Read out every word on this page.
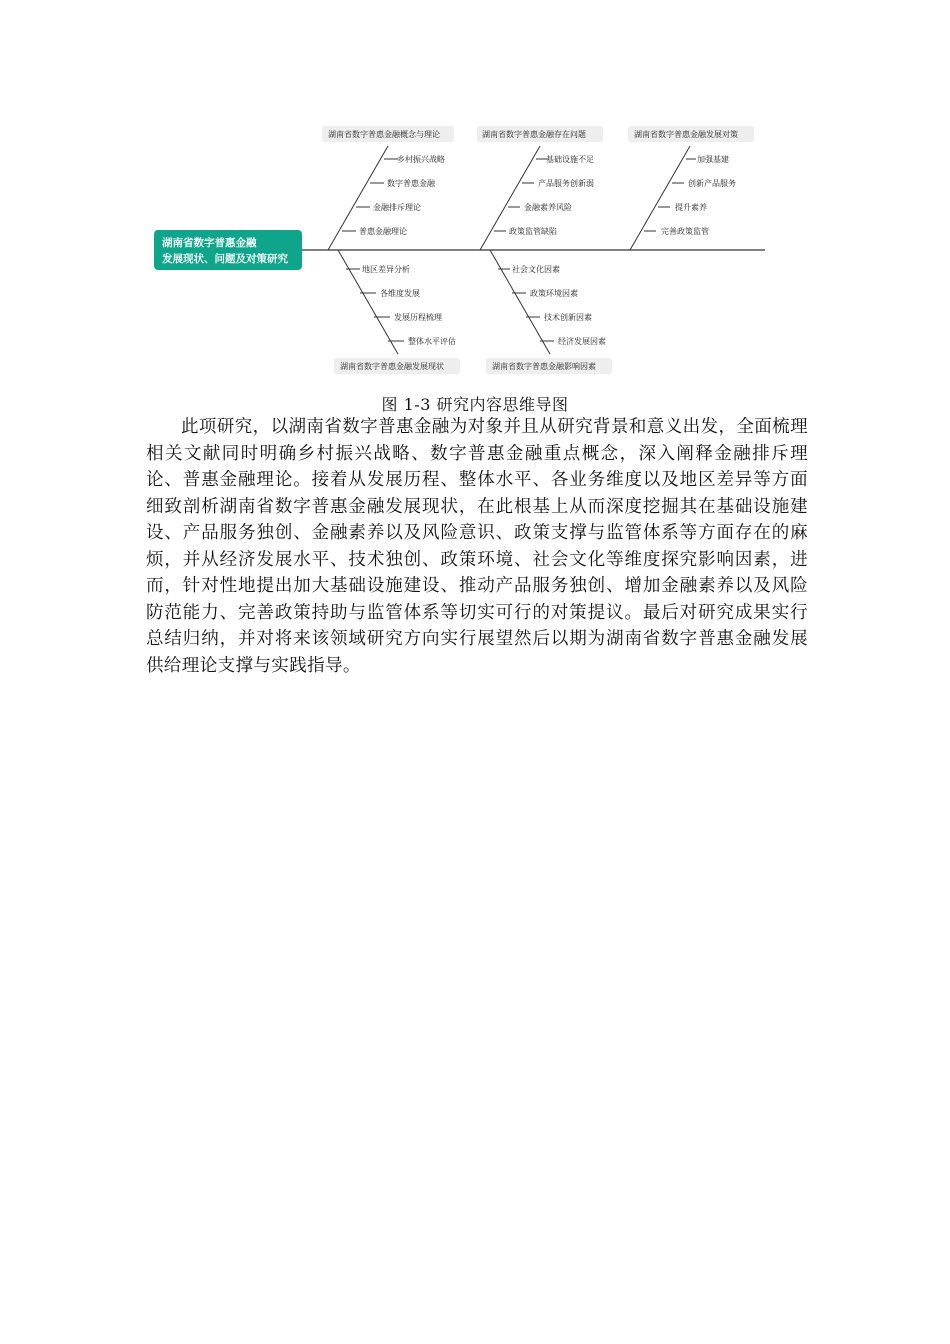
湖南省数字普惠金融
发展现状、问题及对策研究
湖南省数字普惠金融概念与理论
乡村振兴战略
数字普惠金融
金融排斥理论
普惠金融理论
湖南省数字普惠金融存在问题
基础设施不足
产品服务创新弱
金融素养风险
政策监管缺陷
湖南省数字普惠金融发展对策
加强基建
创新产品服务
提升素养
完善政策监管
地区差异分析
各维度发展
发展历程梳理
整体水平评估
湖南省数字普惠金融发展现状
社会文化因素
政策环境因素
技术创新因素
经济发展因素
湖南省数字普惠金融影响因素
图 1-3 研究内容思维导图

此项研究，以湖南省数字普惠金融为对象并且从研究背景和意义出发，全面梳理相关文献同时明确乡村振兴战略、数字普惠金融重点概念，深入阐释金融排斥理论、普惠金融理论。接着从发展历程、整体水平、各业务维度以及地区差异等方面细致剖析湖南省数字普惠金融发展现状，在此根基上从而深度挖掘其在基础设施建设、产品服务独创、金融素养以及风险意识、政策支撑与监管体系等方面存在的麻烦，并从经济发展水平、技术独创、政策环境、社会文化等维度探究影响因素，进而，针对性地提出加大基础设施建设、推动产品服务独创、增加金融素养以及风险防范能力、完善政策持助与监管体系等切实可行的对策提议。最后对研究成果实行总结归纳，并对将来该领域研究方向实行展望然后以期为湖南省数字普惠金融发展供给理论支撑与实践指导。
